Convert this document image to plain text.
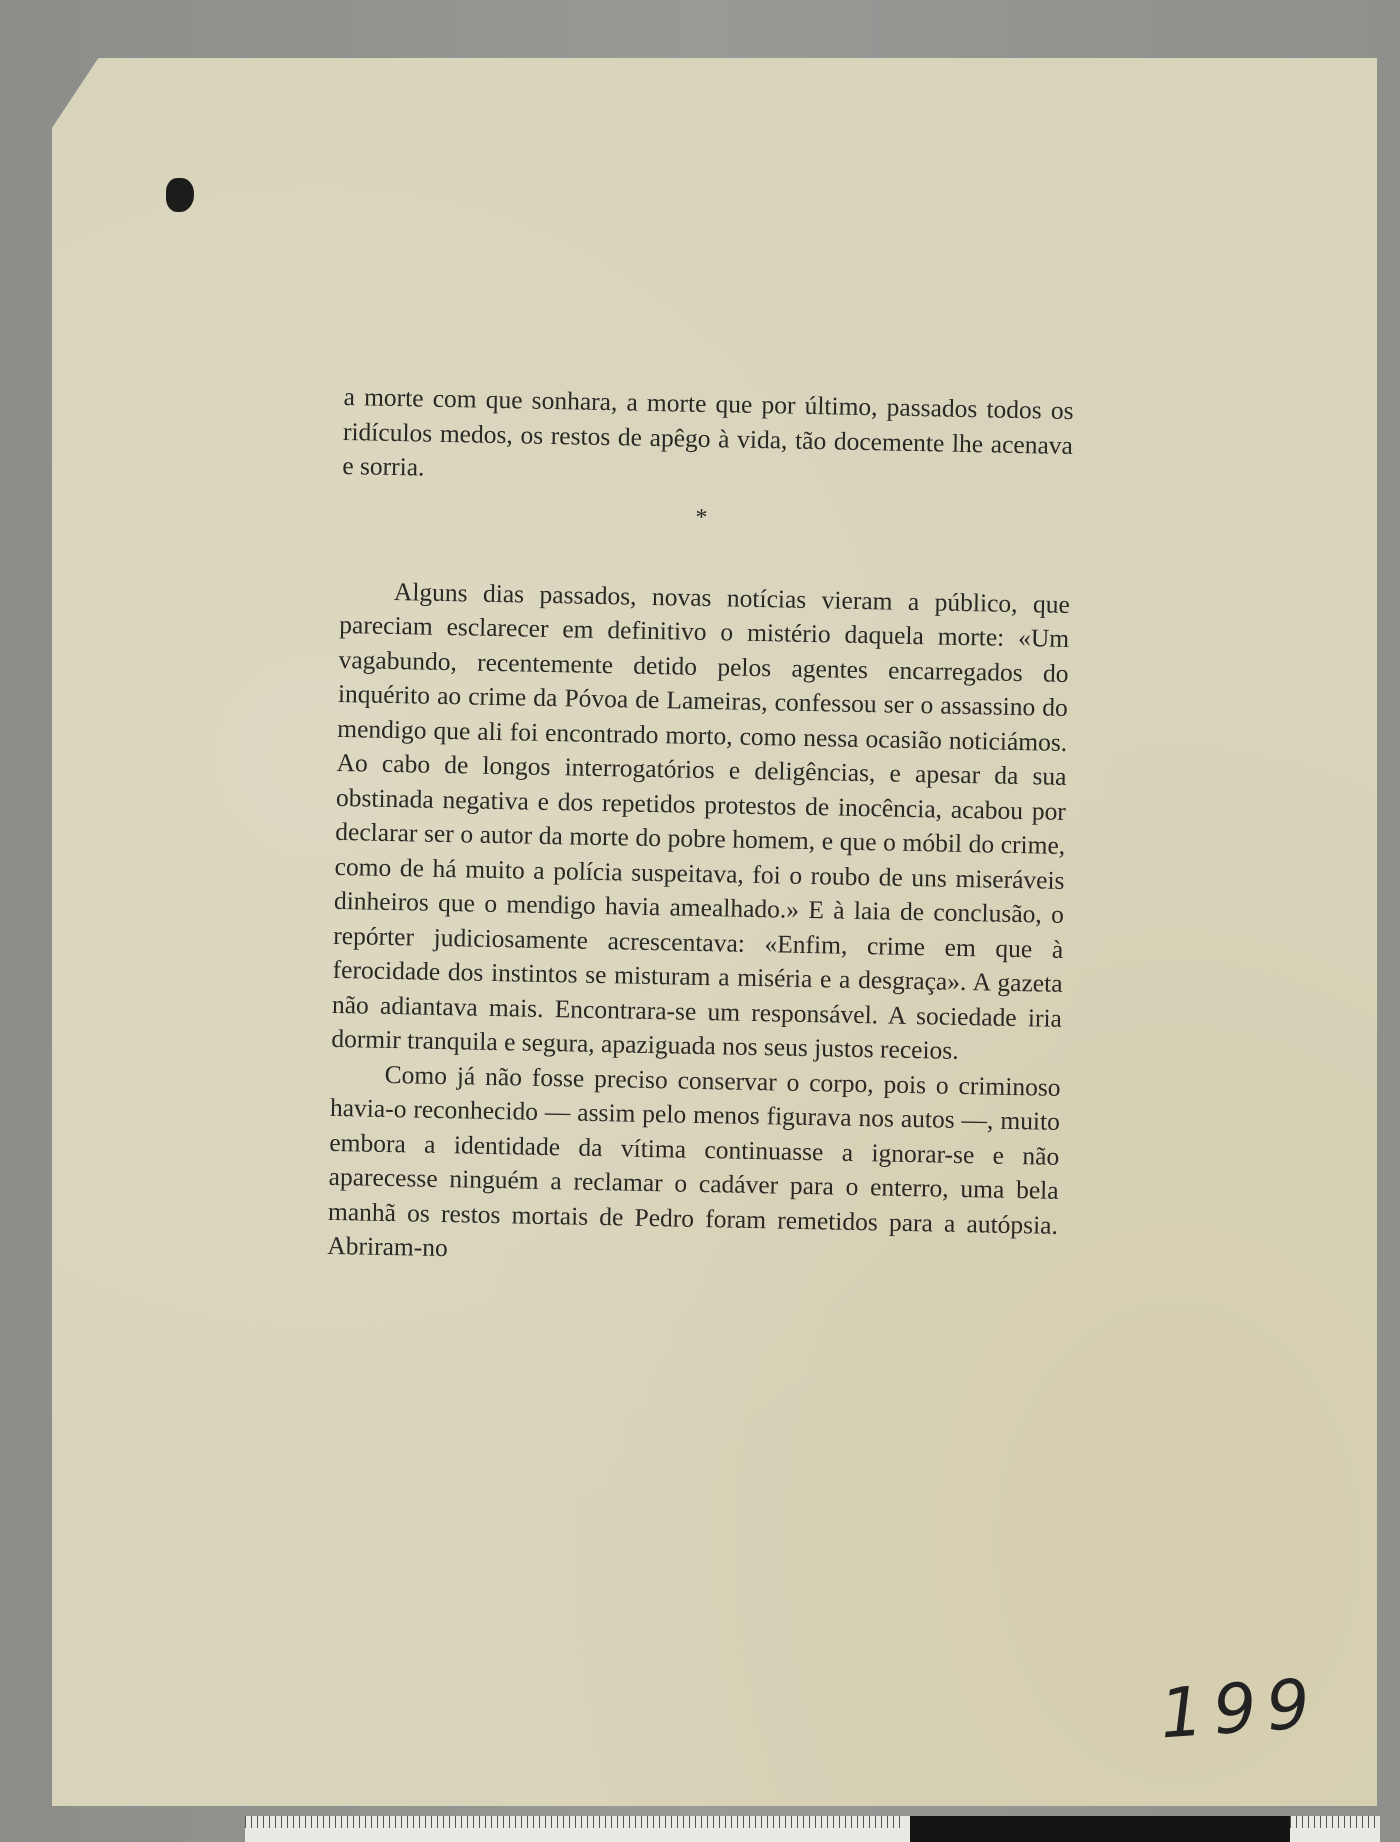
a morte com que sonhara, a morte que por último, passados todos os ridículos medos, os restos de apêgo à vida, tão docemente lhe acenava e sorria.

*

Alguns dias passados, novas notícias vieram a público, que pareciam esclarecer em definitivo o mistério daquela morte: «Um vagabundo, recentemente detido pelos agentes encarregados do inquérito ao crime da Póvoa de Lameiras, confessou ser o assassino do mendigo que ali foi encontrado morto, como nessa ocasião noticiámos. Ao cabo de longos interrogatórios e deligências, e apesar da sua obstinada negativa e dos repetidos protestos de inocência, acabou por declarar ser o autor da morte do pobre homem, e que o móbil do crime, como de há muito a polícia suspeitava, foi o roubo de uns miseráveis dinheiros que o mendigo havia amealhado.» E à laia de conclusão, o repórter judiciosamente acrescentava: «Enfim, crime em que à ferocidade dos instintos se misturam a miséria e a desgraça». A gazeta não adiantava mais. Encontrara-se um responsável. A sociedade iria dormir tranquila e segura, apaziguada nos seus justos receios.

Como já não fosse preciso conservar o corpo, pois o criminoso havia-o reconhecido — assim pelo menos figurava nos autos —, muito embora a identidade da vítima continuasse a ignorar-se e não aparecesse ninguém a reclamar o cadáver para o enterro, uma bela manhã os restos mortais de Pedro foram remetidos para a autópsia. Abriram-no

199
